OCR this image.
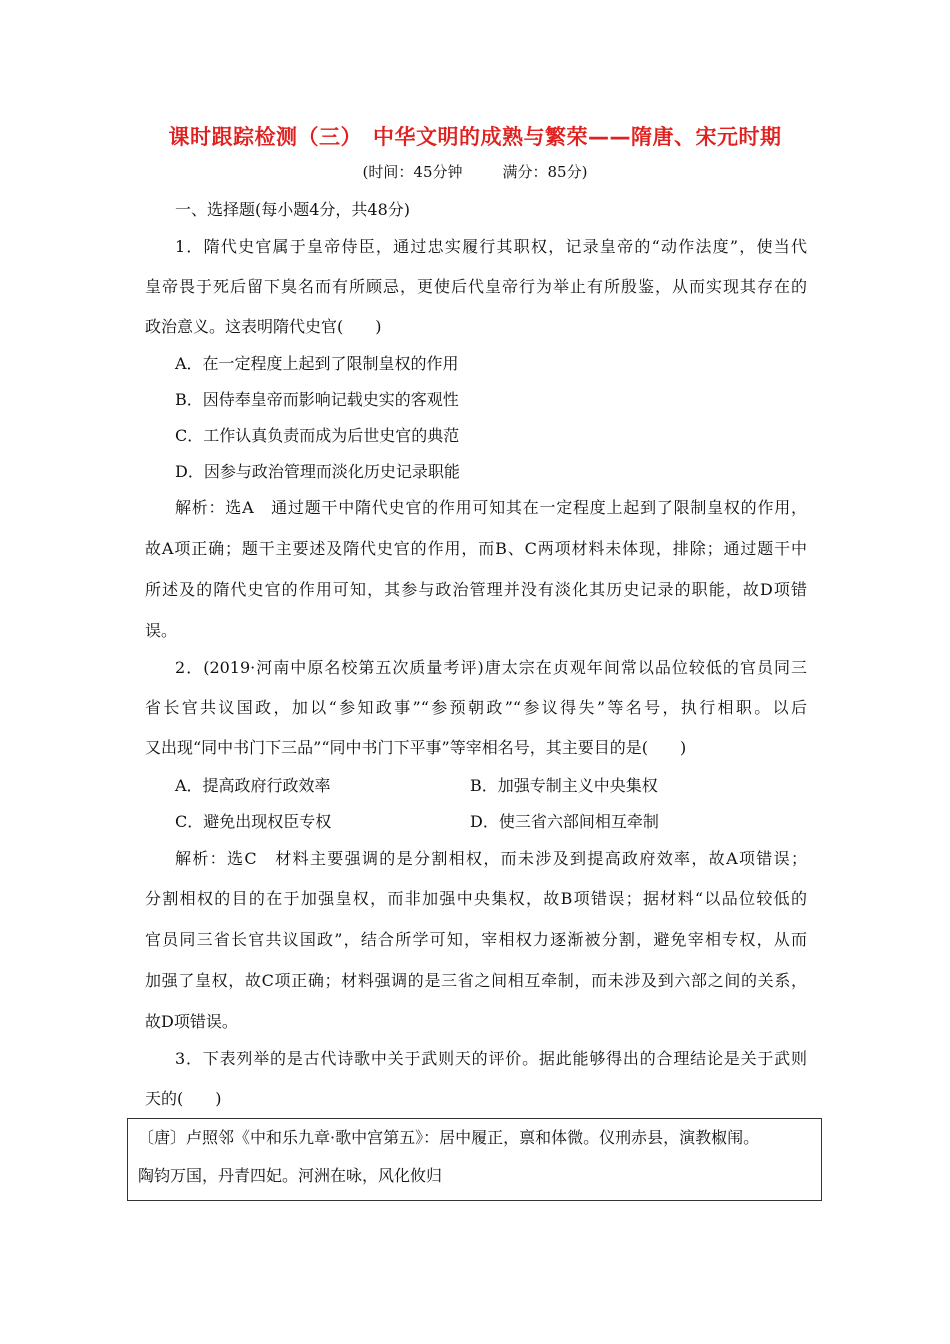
课时跟踪检测（三）　中华文明的成熟与繁荣——隋唐、宋元时期
(时间：45分钟	满分：85分)
一、选择题(每小题4分，共48分)
1．隋代史官属于皇帝侍臣，通过忠实履行其职权，记录皇帝的“动作法度”，使当代
皇帝畏于死后留下臭名而有所顾忌，更使后代皇帝行为举止有所殷鉴，从而实现其存在的
政治意义。这表明隋代史官(　　)
A．在一定程度上起到了限制皇权的作用
B．因侍奉皇帝而影响记载史实的客观性
C．工作认真负责而成为后世史官的典范
D．因参与政治管理而淡化历史记录职能
解析：选A　通过题干中隋代史官的作用可知其在一定程度上起到了限制皇权的作用，
故A项正确；题干主要述及隋代史官的作用，而B、C两项材料未体现，排除；通过题干中
所述及的隋代史官的作用可知，其参与政治管理并没有淡化其历史记录的职能，故D项错
误。
2．(2019·河南中原名校第五次质量考评)唐太宗在贞观年间常以品位较低的官员同三
省长官共议国政，加以“参知政事”“参预朝政”“参议得失”等名号，执行相职。以后
又出现“同中书门下三品”“同中书门下平事”等宰相名号，其主要目的是(　　)
A．提高政府行政效率	B．加强专制主义中央集权
C．避免出现权臣专权	D．使三省六部间相互牵制
解析：选C　材料主要强调的是分割相权，而未涉及到提高政府效率，故A项错误；
分割相权的目的在于加强皇权，而非加强中央集权，故B项错误；据材料“以品位较低的
官员同三省长官共议国政”，结合所学可知，宰相权力逐渐被分割，避免宰相专权，从而
加强了皇权，故C项正确；材料强调的是三省之间相互牵制，而未涉及到六部之间的关系，
故D项错误。
3．下表列举的是古代诗歌中关于武则天的评价。据此能够得出的合理结论是关于武则
天的(　　)
〔唐〕卢照邻《中和乐九章·歌中宫第五》：居中履正，禀和体微。仪刑赤县，演教椒闱。
陶钧万国，丹青四妃。河洲在咏，风化攸归
